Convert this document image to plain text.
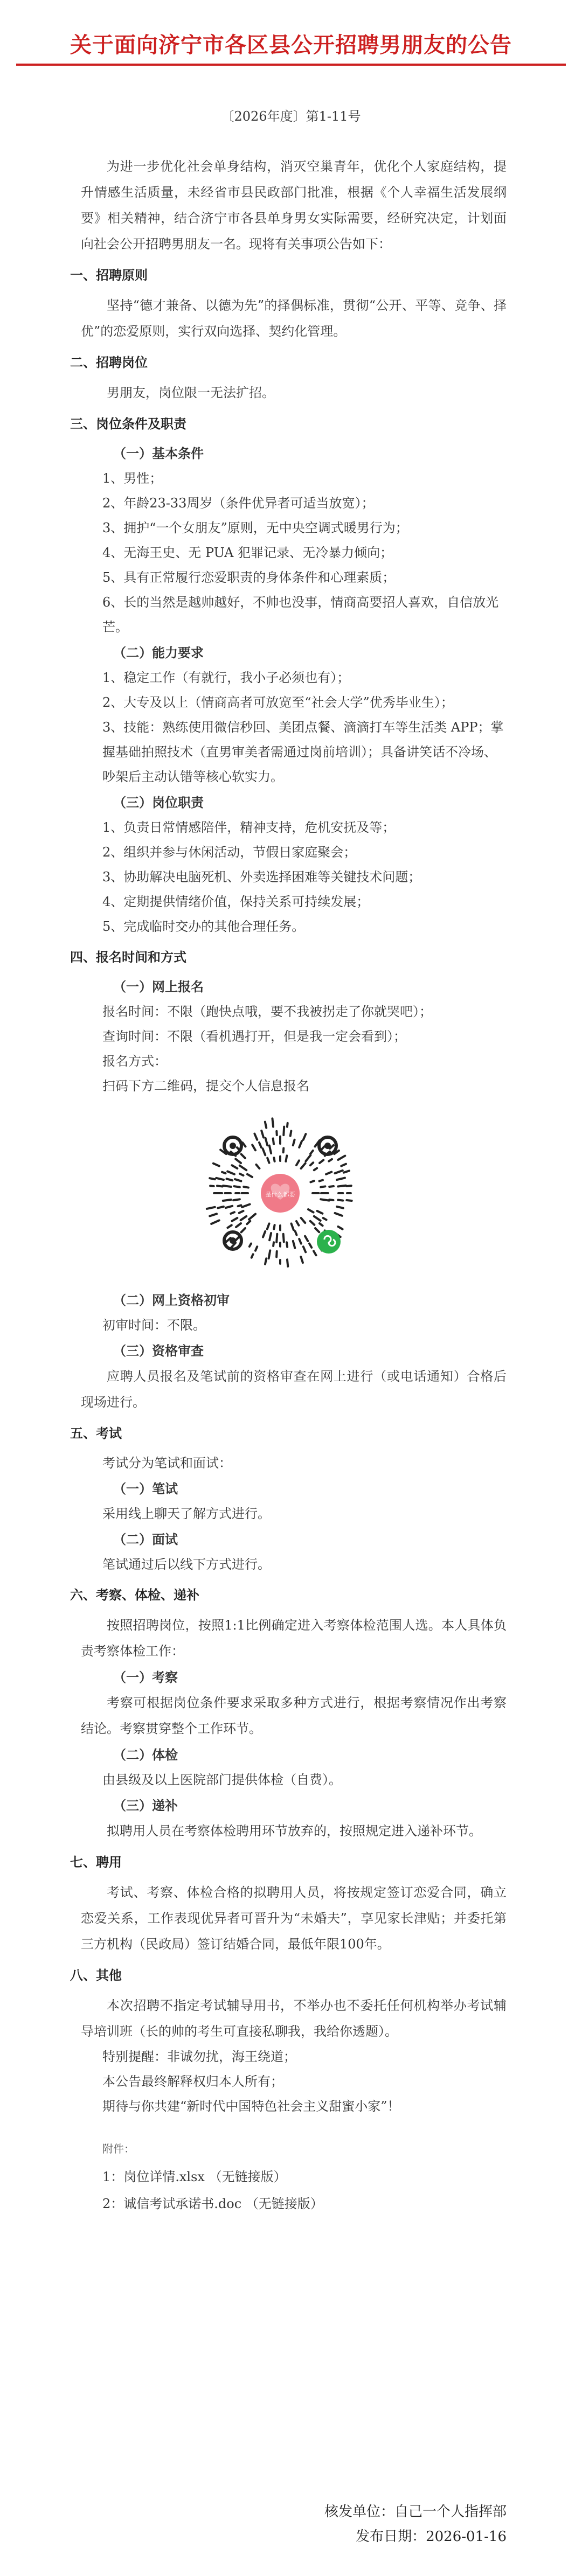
关于面向济宁市各区县公开招聘男朋友的公告
〔2026年度〕第1-11号

为进一步优化社会单身结构，消灭空巢青年，优化个人家庭结构，提升情感生活质量，未经省市县民政部门批准，根据《个人幸福生活发展纲要》相关精神，结合济宁市各县单身男女实际需要，经研究决定，计划面向社会公开招聘男朋友一名。现将有关事项公告如下：

一、招聘原则

坚持“德才兼备、以德为先”的择偶标准，贯彻“公开、平等、竞争、择优”的恋爱原则，实行双向选择、契约化管理。

二、招聘岗位

男朋友，岗位限一无法扩招。

三、岗位条件及职责
（一）基本条件
1、男性；
2、年龄23-33周岁（条件优异者可适当放宽）；
3、拥护“一个女朋友”原则，无中央空调式暖男行为；
4、无海王史、无 PUA 犯罪记录、无冷暴力倾向；
5、具有正常履行恋爱职责的身体条件和心理素质；
6、长的当然是越帅越好，不帅也没事，情商高要招人喜欢，自信放光芒。
（二）能力要求
1、稳定工作（有就行，我小子必须也有）；
2、大专及以上（情商高者可放宽至“社会大学”优秀毕业生）；
3、技能：熟练使用微信秒回、美团点餐、滴滴打车等生活类 APP；掌握基础拍照技术（直男审美者需通过岗前培训）；具备讲笑话不冷场、吵架后主动认错等核心软实力。
（三）岗位职责
1、负责日常情感陪伴，精神支持，危机安抚及等；
2、组织并参与休闲活动，节假日家庭聚会；
3、协助解决电脑死机、外卖选择困难等关键技术问题；
4、定期提供情绪价值，保持关系可持续发展；
5、完成临时交办的其他合理任务。
四、报名时间和方式
（一）网上报名
报名时间：不限（跑快点哦，要不我被拐走了你就哭吧）；
查询时间：不限（看机遇打开，但是我一定会看到）；
报名方式：
扫码下方二维码，提交个人信息报名
是什么都要
（二）网上资格初审
初审时间：不限。
（三）资格审查

应聘人员报名及笔试前的资格审查在网上进行（或电话通知）合格后现场进行。

五、考试
考试分为笔试和面试：
（一）笔试
采用线上聊天了解方式进行。
（二）面试
笔试通过后以线下方式进行。
六、考察、体检、递补

按照招聘岗位，按照1:1比例确定进入考察体检范围人选。本人具体负责考察体检工作：

（一）考察

考察可根据岗位条件要求采取多种方式进行，根据考察情况作出考察结论。考察贯穿整个工作环节。

（二）体检
由县级及以上医院部门提供体检（自费）。
（三）递补

拟聘用人员在考察体检聘用环节放弃的，按照规定进入递补环节。

七、聘用

考试、考察、体检合格的拟聘用人员，将按规定签订恋爱合同，确立恋爱关系，工作表现优异者可晋升为“未婚夫”，享见家长津贴；并委托第三方机构（民政局）签订结婚合同，最低年限100年。

八、其他

本次招聘不指定考试辅导用书，不举办也不委托任何机构举办考试辅导培训班（长的帅的考生可直接私聊我，我给你透题）。

特别提醒：非诚勿扰，海王绕道；
本公告最终解释权归本人所有；
期待与你共建“新时代中国特色社会主义甜蜜小家”！
附件：
1：岗位详情.xlsx （无链接版）
2：诚信考试承诺书.doc （无链接版）
核发单位：自己一个人指挥部
发布日期：2026-01-16
